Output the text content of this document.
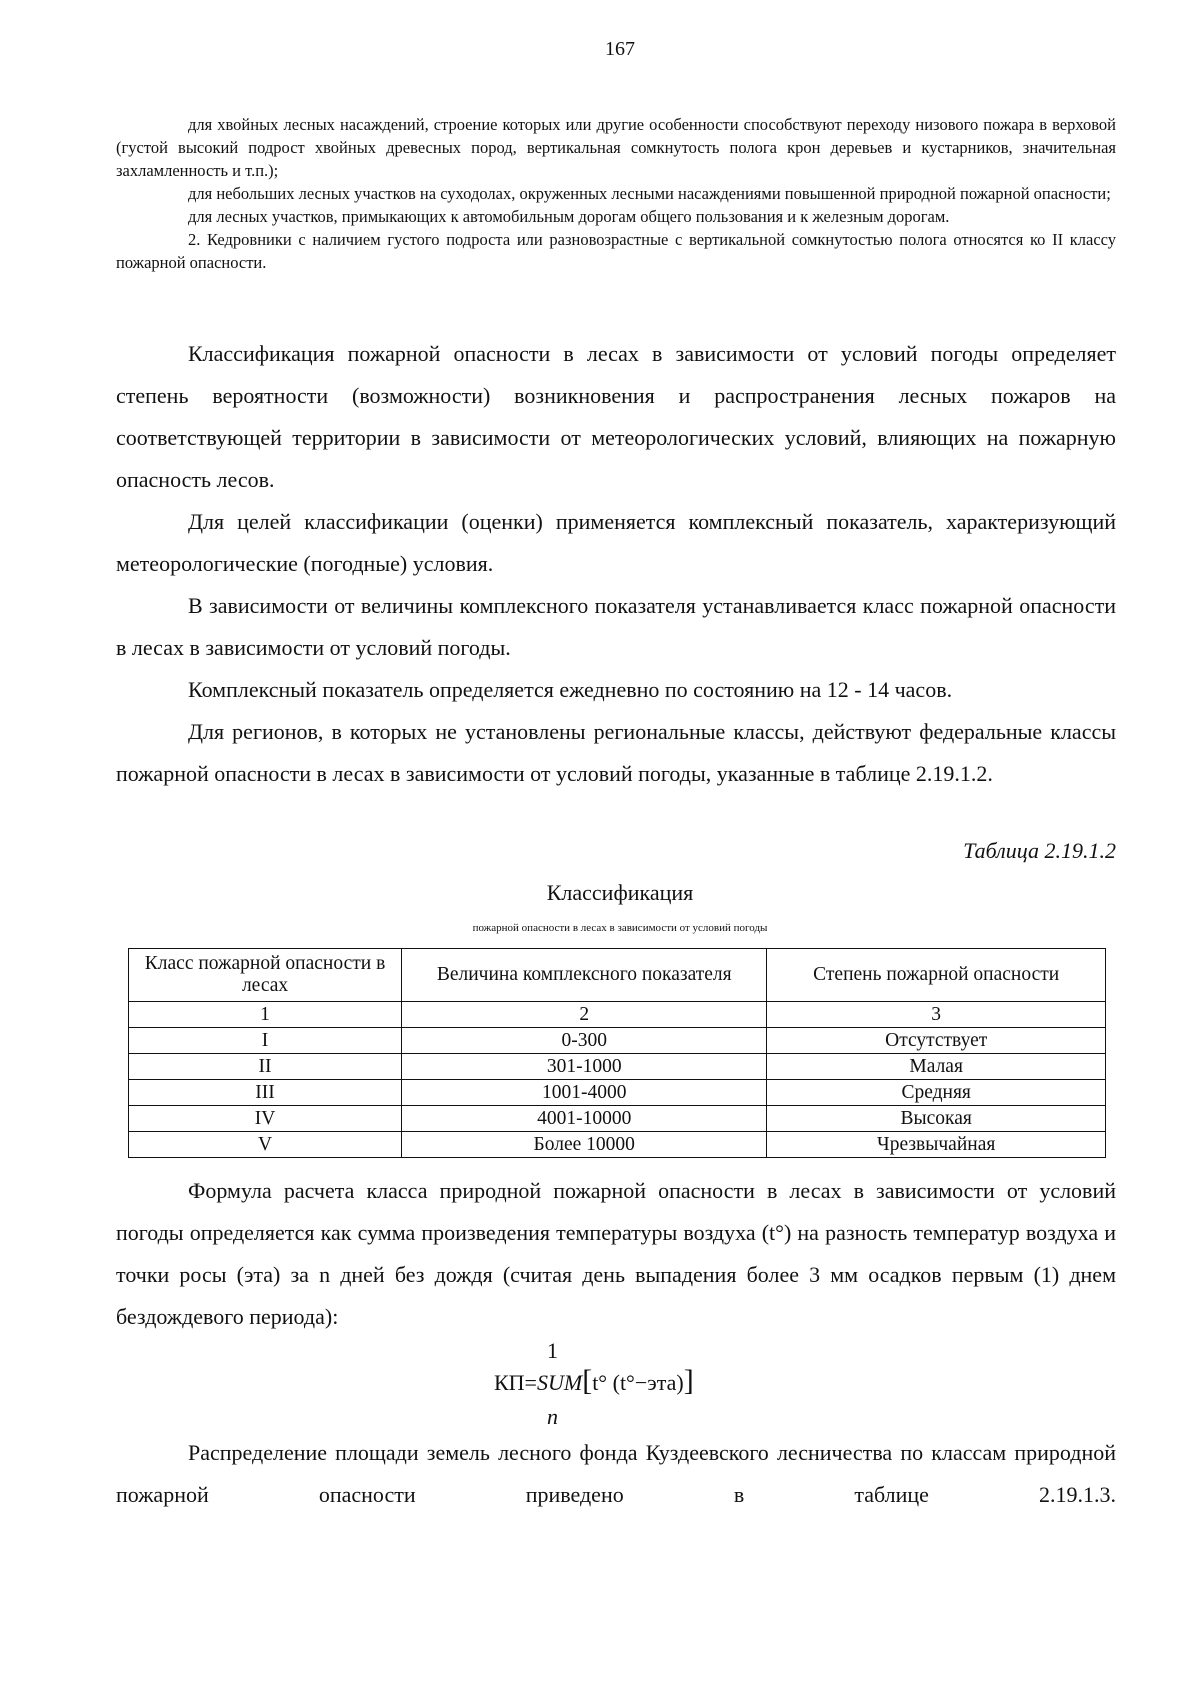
167

для хвойных лесных насаждений, строение которых или другие особенности способствуют переходу низового пожара в верховой (густой высокий подрост хвойных древесных пород, вертикальная сомкнутость полога крон деревьев и кустарников, значительная захламленность и т.п.);

для небольших лесных участков на суходолах, окруженных лесными насаждениями повышенной природной пожарной опасности;

для лесных участков, примыкающих к автомобильным дорогам общего пользования и к железным дорогам.

2. Кедровники с наличием густого подроста или разновозрастные с вертикальной сомкнутостью полога относятся ко II классу пожарной опасности.

Классификация пожарной опасности в лесах в зависимости от условий погоды определяет степень вероятности (возможности) возникновения и распространения лесных пожаров на соответствующей территории в зависимости от метеорологических условий, влияющих на пожарную опасность лесов.

Для целей классификации (оценки) применяется комплексный показатель, характеризующий метеорологические (погодные) условия.

В зависимости от величины комплексного показателя устанавливается класс пожарной опасности в лесах в зависимости от условий погоды.

Комплексный показатель определяется ежедневно по состоянию на 12 - 14 часов.

Для регионов, в которых не установлены региональные классы, действуют федеральные классы пожарной опасности в лесах в зависимости от условий погоды, указанные в таблице 2.19.1.2.

Таблица 2.19.1.2
Классификация
пожарной опасности в лесах в зависимости от условий погоды
Класс пожарной опасности в лесах	Величина комплексного показателя	Степень пожарной опасности
1	2	3
I	0-300	Отсутствует
II	301-1000	Малая
III	1001-4000	Средняя
IV	4001-10000	Высокая
V	Более 10000	Чрезвычайная

Формула расчета класса природной пожарной опасности в лесах в зависимости от условий погоды определяется как сумма произведения температуры воздуха (t°) на разность температур воздуха и точки росы (эта) за n дней без дождя (считая день выпадения более 3 мм осадков первым (1) днем бездождевого периода):

1
КП=SUM[t° (t°−эта)]
n

Распределение площади земель лесного фонда Куздеевского лесничества по классам природной пожарной опасности приведено в таблице 2.19.1.3.
